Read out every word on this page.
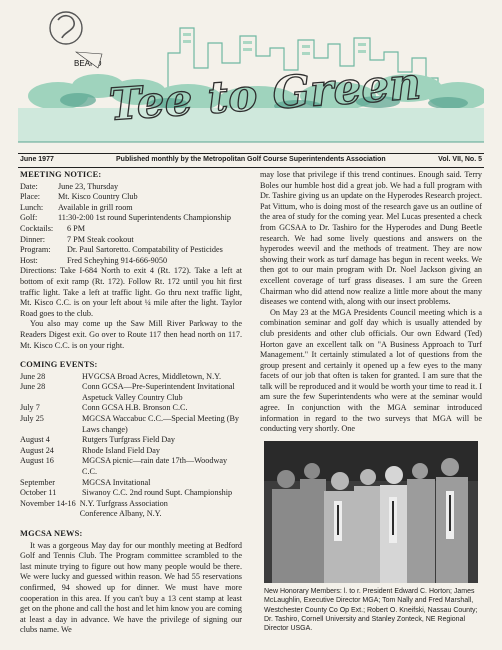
BEARD Tee to Green
June 1977	Published monthly by the Metropolitan Golf Course Superintendents Association	Vol. VII, No. 5
MEETING NOTICE:
Date:	June 23, Thursday
Place:	Mt. Kisco Country Club
Lunch:	Available in grill room
Golf:	11:30-2:00 1st round Superintendents Championship
Cocktails:	6 PM
Dinner:	7 PM Steak cookout
Program:	Dr. Paul Sartoretto. Compatability of Pesticides
Host:	Fred Scheyhing 914-666-9050

Directions: Take I-684 North to exit 4 (Rt. 172). Take a left at bottom of exit ramp (Rt. 172). Follow Rt. 172 until you hit first traffic light. Take a left at traffic light. Go thru next traffic light, Mt. Kisco C.C. is on your left about ¼ mile after the light. Taylor Road goes to the club.

You also may come up the Saw Mill River Parkway to the Readers Digest exit. Go over to Route 117 then head north on 117. Mt. Kisco C.C. is on your right.

COMING EVENTS:
June 28	HVGCSA Broad Acres, Middletown, N.Y.
June 28	Conn GCSA—Pre-Superintendent Invitational Aspetuck Valley Country Club
July 7	Conn GCSA H.B. Bronson C.C.
July 25	MGCSA Waccabuc C.C.—Special Meeting (By Laws change)
August 4	Rutgers Turfgrass Field Day
August 24	Rhode Island Field Day
August 16	MGCSA picnic—rain date 17th—Woodway C.C.
September	MGCSA Invitational
October 11	Siwanoy C.C. 2nd round Supt. Championship
November 14-16 N.Y. Turfgrass Association Conference Albany, N.Y.
MGCSA NEWS:

It was a gorgeous May day for our monthly meeting at Bedford Golf and Tennis Club. The Program committee scrambled to the last minute trying to figure out how many people would be there. We were lucky and guessed within reason. We had 55 reservations confirmed, 94 showed up for dinner. We must have more cooperation in this area. If you can't buy a 13 cent stamp at least get on the phone and call the host and let him know you are coming at least a day in advance. We have the privilege of signing our clubs name. We

may lose that privilege if this trend continues. Enough said. Terry Boles our humble host did a great job. We had a full program with Dr. Tashire giving us an update on the Hyperodes Research project. Pat Vittum, who is doing most of the research gave us an outline of the area of study for the coming year. Mel Lucas presented a check from GCSAA to Dr. Tashiro for the Hyperodes and Dung Beetle research. We had some lively questions and answers on the hyperodes weevil and the methods of treatment. They are now showing their work as turf damage has begun in recent weeks. We then got to our main program with Dr. Noel Jackson giving an excellent coverage of turf grass diseases. I am sure the Green Chairman who did attend now realize a little more about the many diseases we contend with, along with our insect problems.

On May 23 at the MGA Presidents Council meeting which is a combination seminar and golf day which is usually attended by club presidents and other club officials. Our own Edward (Ted) Horton gave an excellent talk on "A Business Approach to Turf Management." It certainly stimulated a lot of questions from the group present and certainly it opened up a few eyes to the many facets of our job that often is taken for granted. I am sure that the talk will be reproduced and it would be worth your time to read it. I am sure the few Superintendents who were at the seminar would agree. In conjunction with the MGA seminar introduced information in regard to the two surveys that MGA will be conducting very shortly. One

New Honorary Members: l. to r. President Edward C. Horton; James McLaughlin, Executive Director MGA; Tom Nally and Fred Marshall, Westchester County Co Op Ext.; Robert O. Kneifski, Nassau County; Dr. Tashiro, Cornell University and Stanley Zonteck, NE Regional Director USGA.
